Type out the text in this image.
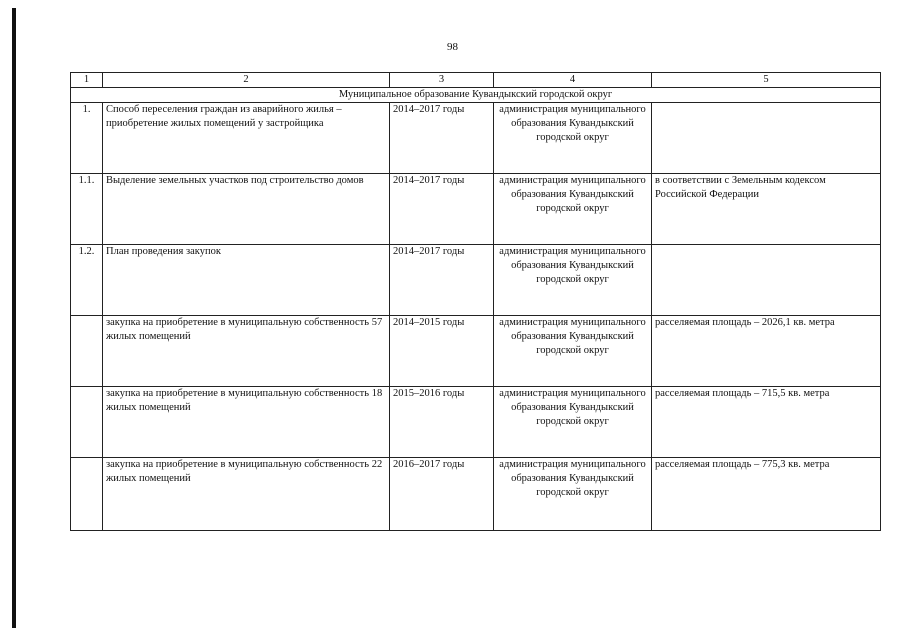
98
1	2	3	4	5
Муниципальное образование Кувандыкский городской округ				
1.	Способ переселения граждан из аварийного жилья – приобретение жилых помещений у застройщика	2014–2017 годы	администрация муниципального образования Кувандыкский городской округ	
1.1.	Выделение земельных участков под строительство домов	2014–2017 годы	администрация муниципального образования Кувандыкский городской округ	в соответствии с Земельным кодексом Российской Федерации
1.2.	План проведения закупок	2014–2017 годы	администрация муниципального образования Кувандыкский городской округ	
	закупка на приобретение в муниципальную собственность 57 жилых помещений	2014–2015 годы	администрация муниципального образования Кувандыкский городской округ	расселяемая площадь – 2026,1 кв. метра
	закупка на приобретение в муниципальную собственность 18 жилых помещений	2015–2016 годы	администрация муниципального образования Кувандыкский городской округ	расселяемая площадь – 715,5 кв. метра
	закупка на приобретение в муниципальную собственность 22 жилых помещений	2016–2017 годы	администрация муниципального образования Кувандыкский городской округ	расселяемая площадь – 775,3 кв. метра
